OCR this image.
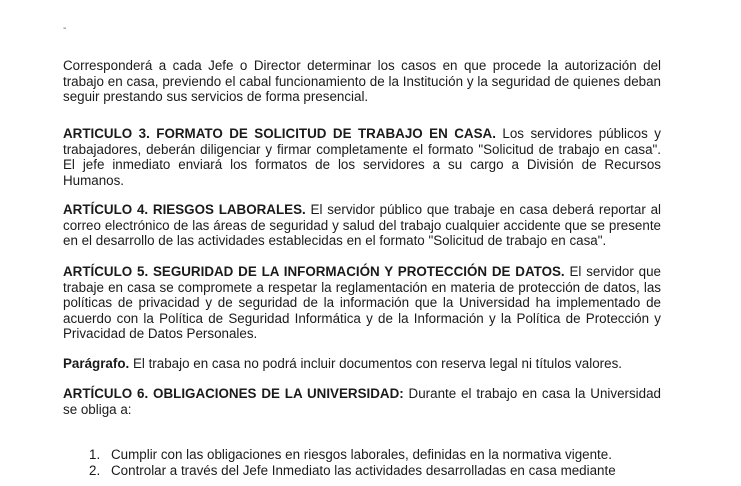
-

Corresponderá a cada Jefe o Director determinar los casos en que procede la autorización del trabajo en casa, previendo el cabal funcionamiento de la Institución y la seguridad de quienes deban seguir prestando sus servicios de forma presencial.

ARTICULO 3. FORMATO DE SOLICITUD DE TRABAJO EN CASA. Los servidores públicos y trabajadores, deberán diligenciar y firmar completamente el formato "Solicitud de trabajo en casa". El jefe inmediato enviará los formatos de los servidores a su cargo a División de Recursos Humanos.

ARTÍCULO 4. RIESGOS LABORALES. El servidor público que trabaje en casa deberá reportar al correo electrónico de las áreas de seguridad y salud del trabajo cualquier accidente que se presente en el desarrollo de las actividades establecidas en el formato "Solicitud de trabajo en casa".

ARTÍCULO 5. SEGURIDAD DE LA INFORMACIÓN Y PROTECCIÓN DE DATOS. El servidor que trabaje en casa se compromete a respetar la reglamentación en materia de protección de datos, las políticas de privacidad y de seguridad de la información que la Universidad ha implementado de acuerdo con la Política de Seguridad Informática y de la Información y la Política de Protección y Privacidad de Datos Personales.

Parágrafo. El trabajo en casa no podrá incluir documentos con reserva legal ni títulos valores.

ARTÍCULO 6. OBLIGACIONES DE LA UNIVERSIDAD: Durante el trabajo en casa la Universidad se obliga a:

1. Cumplir con las obligaciones en riesgos laborales, definidas en la normativa vigente.
2. Controlar a través del Jefe Inmediato las actividades desarrolladas en casa mediante
